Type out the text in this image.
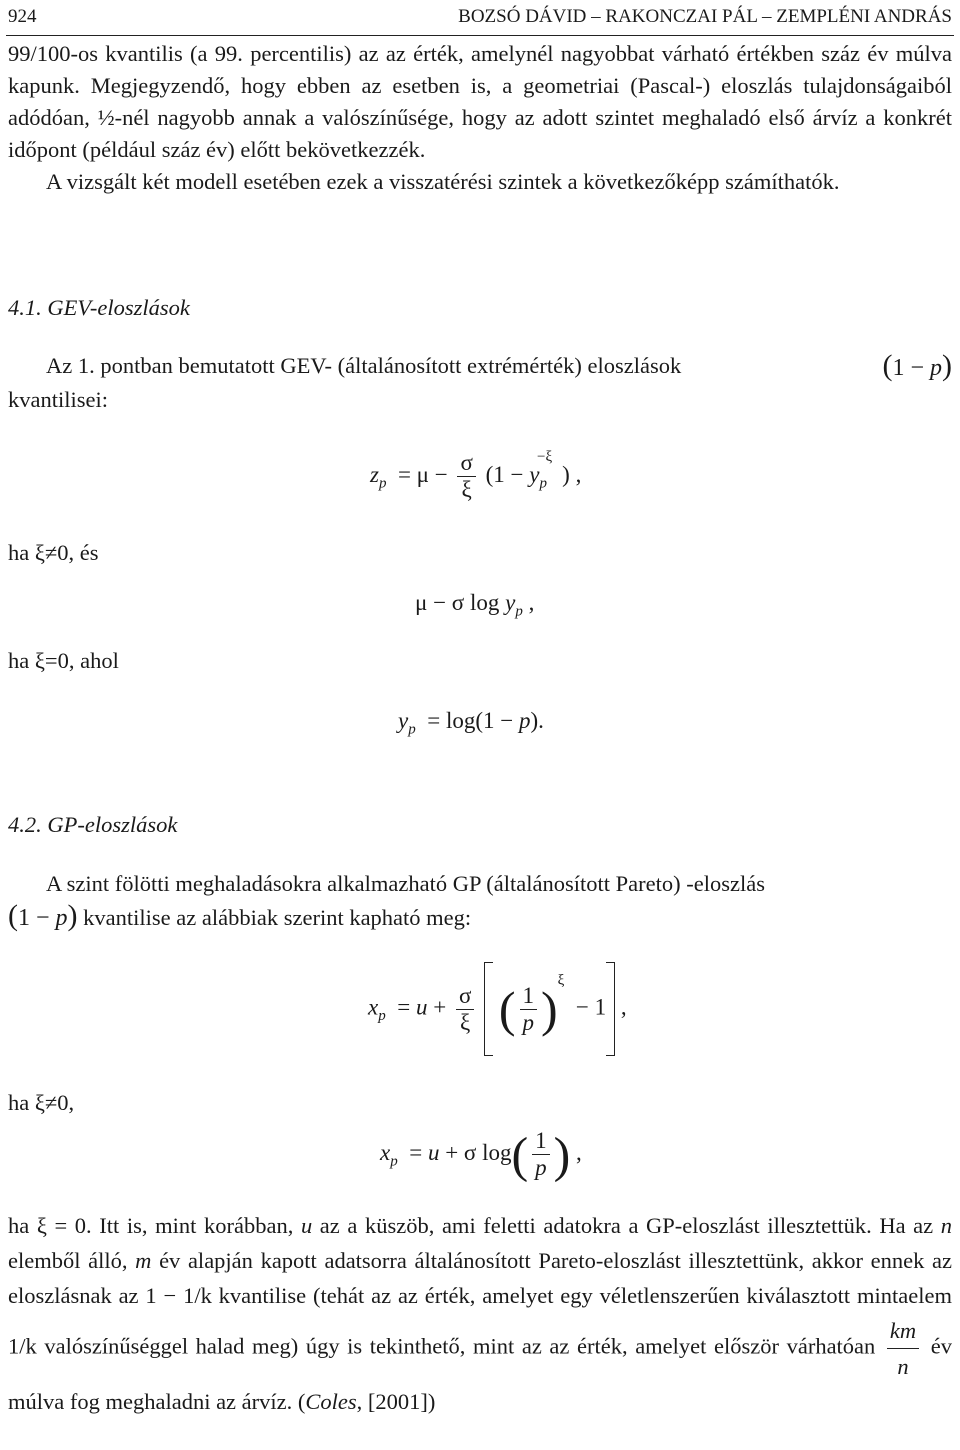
924	BOZSÓ DÁVID – RAKONCZAI PÁL – ZEMPLÉNI ANDRÁS

99/100-os kvantilis (a 99. percentilis) az az érték, amelynél nagyobbat várható értékben száz év múlva kapunk. Megjegyzendő, hogy ebben az esetben is, a geometriai (Pascal-) eloszlás tulajdonságaiból adódóan, ½-nél nagyobb annak a valószínűsége, hogy az adott szintet meghaladó első árvíz a konkrét időpont (például száz év) előtt bekövetkezzék.

A vizsgált két modell esetében ezek a visszatérési szintek a következőképp számíthatók.

4.1. GEV-eloszlások

Az 1. pontban bemutatott GEV- (általánosított extrémérték) eloszlások	(1 − p)

kvantilisei:

$z_p = \mu - \frac{\sigma}{\xi} (1 - y_p^{-\xi})$ ,
ha ξ≠0, és
μ − σ $\log y_p$ ,
ha ξ=0, ahol
$y_p = \log(1 - p)$.
4.2. GP-eloszlások

A szint fölötti meghaladásokra alkalmazható GP (általánosított Pareto) -eloszlás

(1 − p) kvantilise az alábbiak szerint kapható meg:

$x_p = u + \frac{\sigma}{\xi}$ ( $\frac{1}{p} )^\xi - 1$ ,
ha ξ≠0,
$x_p = u + \sigma$ $\log( \frac{1}{p}$ ) ,

ha ξ = 0. Itt is, mint korábban, u az a küszöb, ami feletti adatokra a GP-eloszlást illesztettük. Ha az n elemből álló, m év alapján kapott adatsorra általánosított Pareto-eloszlást illesztettünk, akkor ennek az eloszlásnak az 1 − 1/k kvantilise (tehát az az érték, amelyet egy véletlenszerűen kiválasztott mintaelem 1/k valószínűséggel halad meg) úgy is tekinthető, mint az az érték, amelyet először várhatóan $\frac{km}{n}$ év múlva fog meghaladni az árvíz. (Coles, [2001])
